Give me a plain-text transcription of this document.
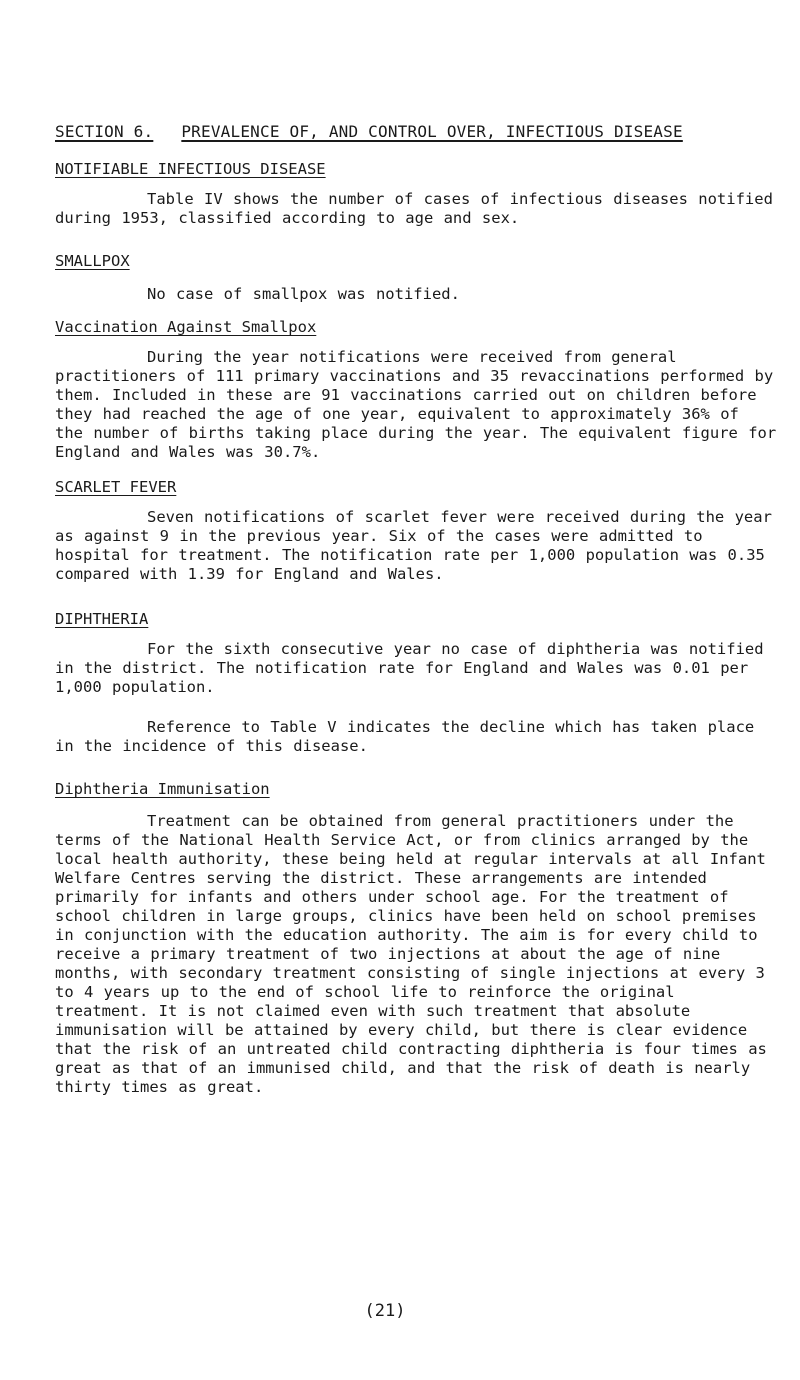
SECTION 6. PREVALENCE OF, AND CONTROL OVER, INFECTIOUS DISEASE
NOTIFIABLE INFECTIOUS DISEASE
Table IV shows the number of cases of infectious diseases notified during 1953, classified according to age and sex.
SMALLPOX
No case of smallpox was notified.
Vaccination Against Smallpox
During the year notifications were received from general practitioners of 111 primary vaccinations and 35 revaccinations performed by them. Included in these are 91 vaccinations carried out on children before they had reached the age of one year, equivalent to approximately 36% of the number of births taking place during the year. The equivalent figure for England and Wales was 30.7%.
SCARLET FEVER
Seven notifications of scarlet fever were received during the year as against 9 in the previous year. Six of the cases were admitted to hospital for treatment. The notification rate per 1,000 population was 0.35 compared with 1.39 for England and Wales.
DIPHTHERIA
For the sixth consecutive year no case of diphtheria was notified in the district. The notification rate for England and Wales was 0.01 per 1,000 population.
Reference to Table V indicates the decline which has taken place in the incidence of this disease.
Diphtheria Immunisation
Treatment can be obtained from general practitioners under the terms of the National Health Service Act, or from clinics arranged by the local health authority, these being held at regular intervals at all Infant Welfare Centres serving the district. These arrangements are intended primarily for infants and others under school age. For the treatment of school children in large groups, clinics have been held on school premises in conjunction with the education authority. The aim is for every child to receive a primary treatment of two injections at about the age of nine months, with secondary treatment consisting of single injections at every 3 to 4 years up to the end of school life to reinforce the original treatment. It is not claimed even with such treatment that absolute immunisation will be attained by every child, but there is clear evidence that the risk of an untreated child contracting diphtheria is four times as great as that of an immunised child, and that the risk of death is nearly thirty times as great.
(21)
